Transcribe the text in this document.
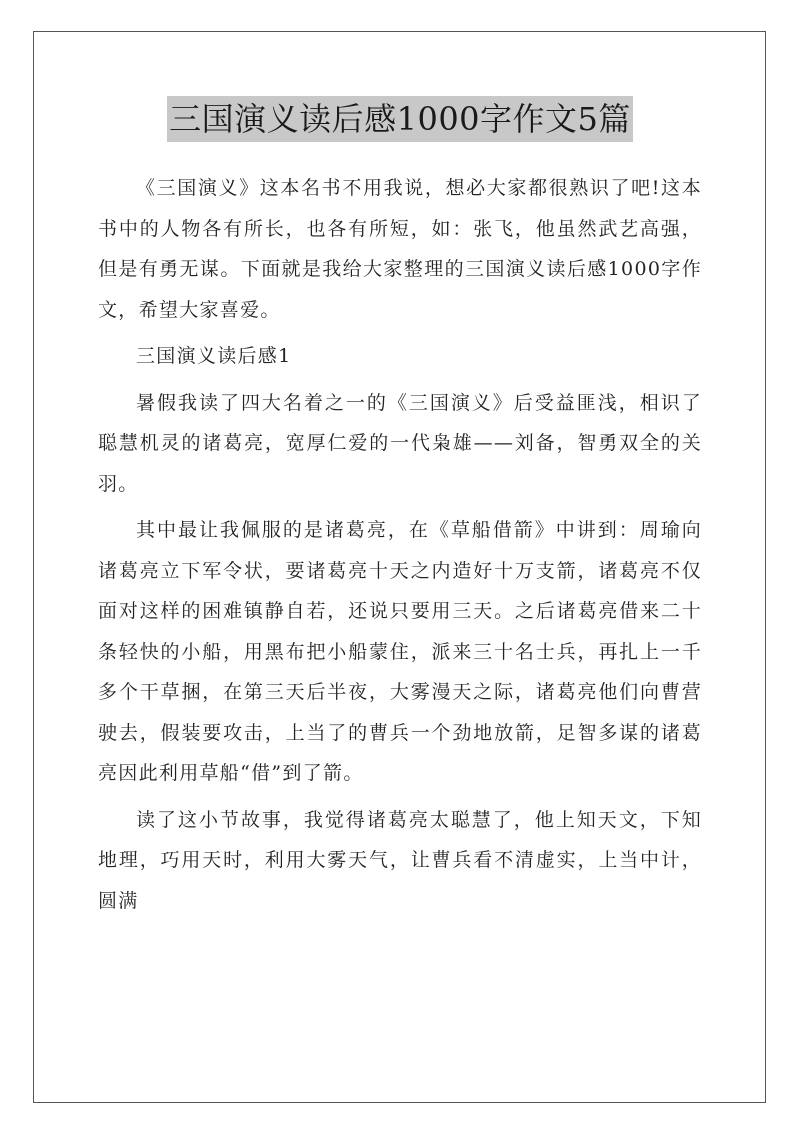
三国演义读后感1000字作文5篇

《三国演义》这本名书不用我说，想必大家都很熟识了吧!这本书中的人物各有所长，也各有所短，如：张飞，他虽然武艺高强，但是有勇无谋。下面就是我给大家整理的三国演义读后感1000字作文，希望大家喜爱。

三国演义读后感1

暑假我读了四大名着之一的《三国演义》后受益匪浅，相识了聪慧机灵的诸葛亮，宽厚仁爱的一代枭雄——刘备，智勇双全的关羽。

其中最让我佩服的是诸葛亮，在《草船借箭》中讲到：周瑜向诸葛亮立下军令状，要诸葛亮十天之内造好十万支箭，诸葛亮不仅面对这样的困难镇静自若，还说只要用三天。之后诸葛亮借来二十条轻快的小船，用黑布把小船蒙住，派来三十名士兵，再扎上一千多个干草捆，在第三天后半夜，大雾漫天之际，诸葛亮他们向曹营驶去，假装要攻击，上当了的曹兵一个劲地放箭，足智多谋的诸葛亮因此利用草船“借”到了箭。

读了这小节故事，我觉得诸葛亮太聪慧了，他上知天文，下知地理，巧用天时，利用大雾天气，让曹兵看不清虚实，上当中计，圆满
